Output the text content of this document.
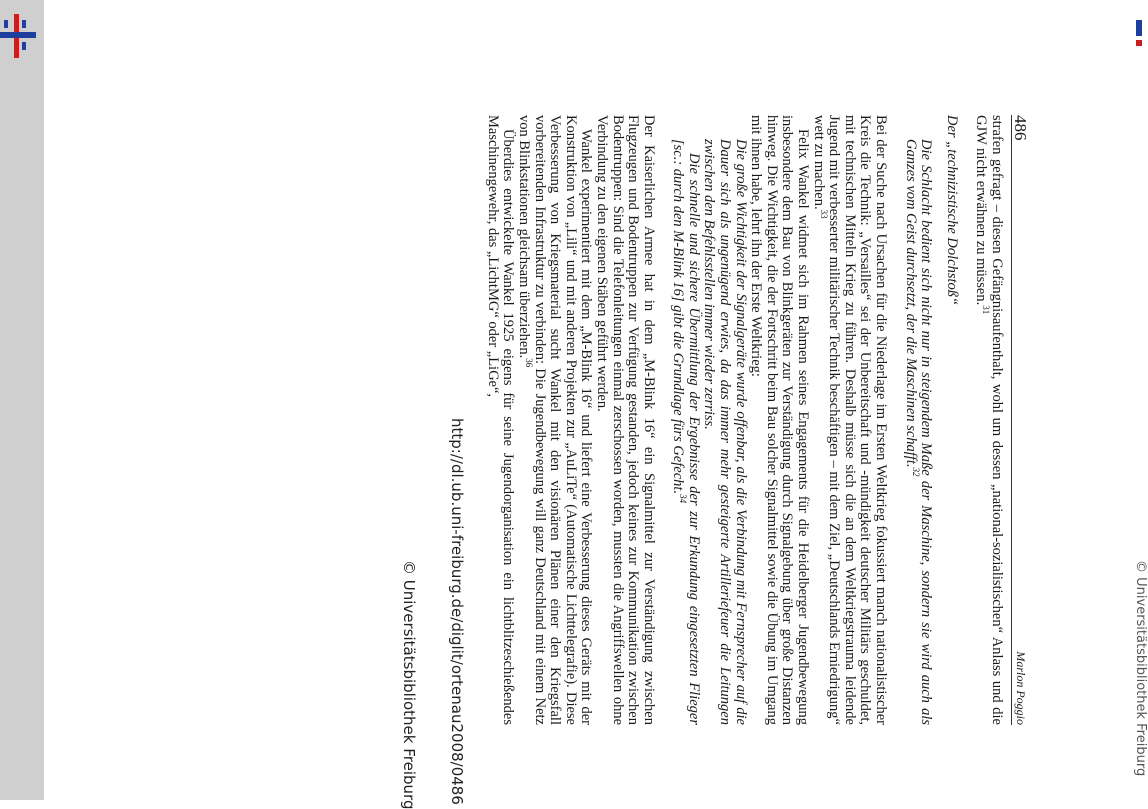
http://dl.ub.uni-freiburg.de/diglit/ortenau2008/0486
© Universitätsbibliothek Freiburg	© Universitätsbibliothek Freiburg
486
Marlon Poggio

strafen gefragt – diesen Gefängnisaufenthalt, wohl um dessen „national-sozialistischen“ Anlass und die GJW nicht erwähnen zu müssen.$^{31}$

Der „technizistische Dolchstoß“

Die Schlacht bedient sich nicht nur in steigendem Maße der Maschine, sondern sie wird auch als Ganzes vom Geist durchsetzt, der die Maschinen schafft.$^{32}$

Bei der Suche nach Ursachen für die Niederlage im Ersten Weltkrieg fokussiert manch nationalistischer Kreis die Technik: „Versailles“ sei der Unbereitschaft und -mündigkeit deutscher Militärs geschuldet, mit technischen Mitteln Krieg zu führen. Deshalb müsse sich die an dem Weltkriegstrauma leidende Jugend mit verbesserter militärischer Technik beschäftigen – mit dem Ziel, „Deutschlands Erniedrigung“ wett zu machen.$^{33}$

Felix Wankel widmet sich im Rahmen seines Engagements für die Heidelberger Jugendbewegung insbesondere dem Bau von Blinkgeräten zur Verständigung durch Signalgebung über große Distanzen hinweg. Die Wichtigkeit, die der Fortschritt beim Bau solcher Signalmittel sowie die Übung im Umgang mit ihnen habe, lehrt ihn der Erste Weltkrieg:

Die große Wichtigkeit der Signalgeräte wurde offenbar, als die Verbindung mit Fernsprecher auf die Dauer sich als ungenügend erwies, da das immer mehr gesteigerte Artilleriefeuer die Leitungen zwischen den Befehlsstellen immer wieder zerriss.

Die schnelle und sichere Übermittlung der Ergebnisse der zur Erkundung eingesetzten Flieger [sc.: durch den M-Blink 16] gibt die Grundlage fürs Gefecht.$^{34}$

Der Kaiserlichen Armee hat in dem „M-Blink 16“ ein Signalmittel zur Verständigung zwischen Flugzeugen und Bodentruppen zur Verfügung gestanden, jedoch keines zur Kommunikation zwischen Bodentruppen: Sind die Telefonleitungen einmal zerschossen worden, mussten die Angriffswellen ohne Verbindung zu den eigenen Stäben geführt werden.

Wankel experimentiert mit dem „M-Blink 16“ und liefert eine Verbesserung dieses Geräts mit der Konstruktion von „Lili“ und mit anderen Projekten zur „AuLiTe“ (Automatische Lichttelegrafie). Diese Verbesserung von Kriegsmaterial sucht Wankel mit den visionären Plänen einer den Kriegsfall vorbereitenden Infrastruktur zu verbinden: Die Jugendbewegung will ganz Deutschland mit einem Netz von Blinkstationen gleichsam überziehen.$^{36}$

Überdies entwickelte Wankel 1925 eigens für seine Jugendorganisation ein lichtblitzeschießendes Maschinengewehr, das „LichtMG“ oder „LiGe“,
